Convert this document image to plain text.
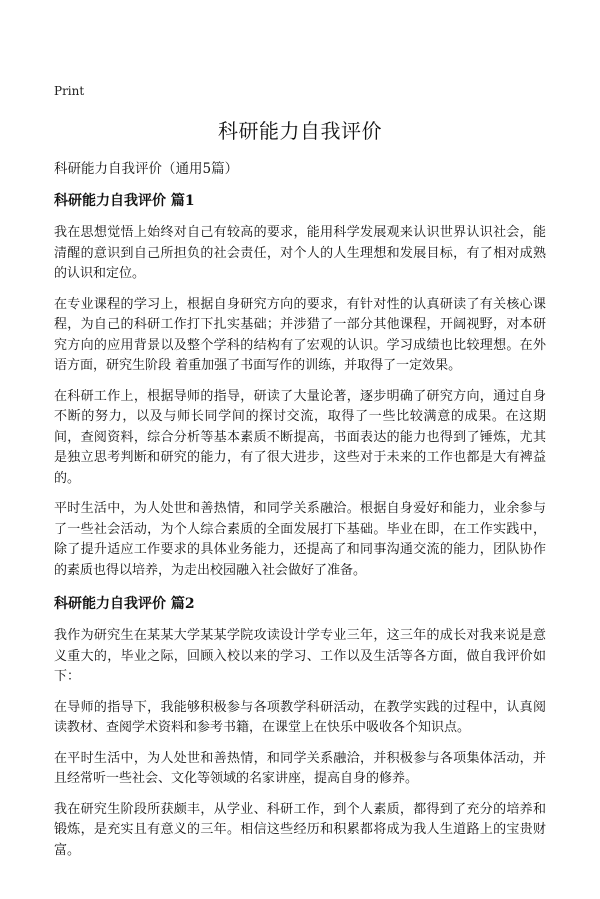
Print

科研能力自我评价

科研能力自我评价（通用5篇）

科研能力自我评价 篇1

我在思想觉悟上始终对自己有较高的要求，能用科学发展观来认识世界认识社会，能清醒的意识到自己所担负的社会责任，对个人的人生理想和发展目标，有了相对成熟的认识和定位。

在专业课程的学习上，根据自身研究方向的要求，有针对性的认真研读了有关核心课程，为自己的科研工作打下扎实基础；并涉猎了一部分其他课程，开阔视野，对本研究方向的应用背景以及整个学科的结构有了宏观的认识。学习成绩也比较理想。在外语方面，研究生阶段 着重加强了书面写作的训练，并取得了一定效果。

在科研工作上，根据导师的指导，研读了大量论著，逐步明确了研究方向，通过自身不断的努力，以及与师长同学间的探讨交流，取得了一些比较满意的成果。在这期间，查阅资料，综合分析等基本素质不断提高，书面表达的能力也得到了锤炼，尤其是独立思考判断和研究的能力，有了很大进步，这些对于未来的工作也都是大有裨益的。

平时生活中，为人处世和善热情，和同学关系融洽。根据自身爱好和能力，业余参与了一些社会活动，为个人综合素质的全面发展打下基础。毕业在即，在工作实践中，除了提升适应工作要求的具体业务能力，还提高了和同事沟通交流的能力，团队协作的素质也得以培养，为走出校园融入社会做好了准备。

科研能力自我评价 篇2

我作为研究生在某某大学某某学院攻读设计学专业三年，这三年的成长对我来说是意义重大的，毕业之际，回顾入校以来的学习、工作以及生活等各方面，做自我评价如下：

在导师的指导下，我能够积极参与各项教学科研活动，在教学实践的过程中，认真阅读教材、查阅学术资料和参考书籍，在课堂上在快乐中吸收各个知识点。

在平时生活中，为人处世和善热情，和同学关系融洽，并积极参与各项集体活动，并且经常听一些社会、文化等领域的名家讲座，提高自身的修养。

我在研究生阶段所获颇丰，从学业、科研工作，到个人素质，都得到了充分的培养和锻炼，是充实且有意义的三年。相信这些经历和积累都将成为我人生道路上的宝贵财富。
